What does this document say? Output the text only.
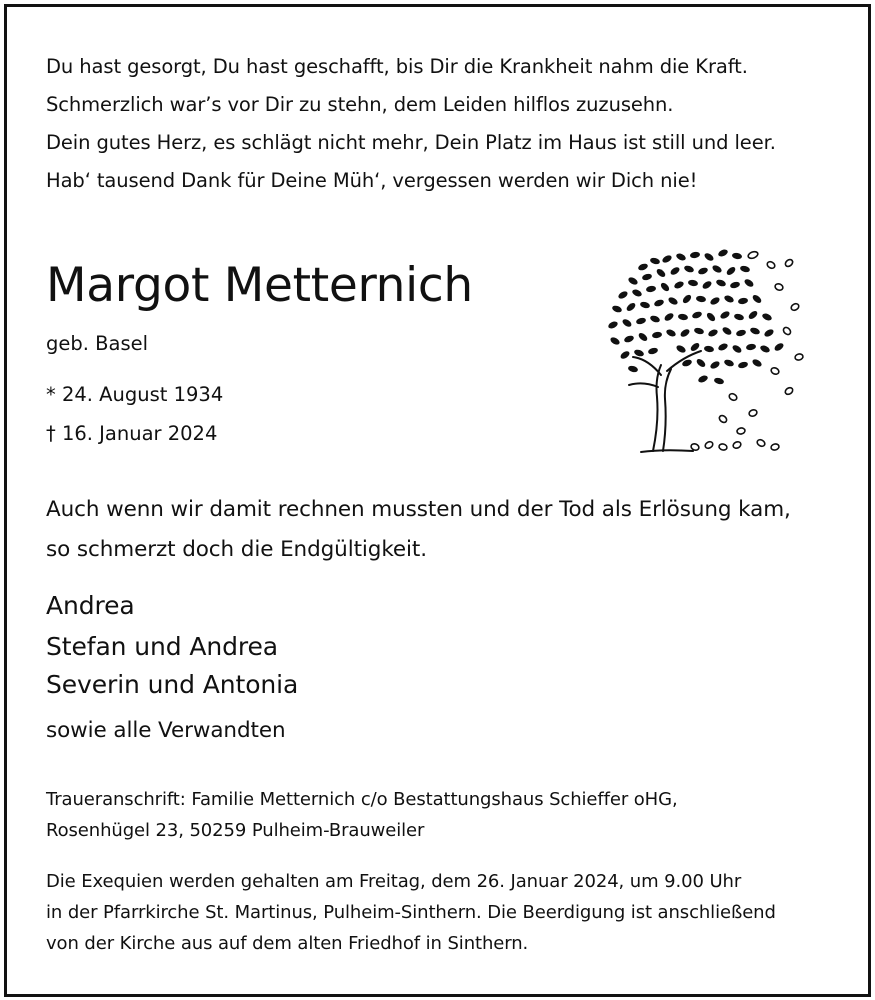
Du hast gesorgt, Du hast geschafft, bis Dir die Krankheit nahm die Kraft.

Schmerzlich war’s vor Dir zu stehn, dem Leiden hilflos zuzusehn.

Dein gutes Herz, es schlägt nicht mehr, Dein Platz im Haus ist still und leer.

Hab‘ tausend Dank für Deine Müh‘, vergessen werden wir Dich nie!

Margot Metternich

geb. Basel

* 24. August 1934

† 16. Januar 2024

Auch wenn wir damit rechnen mussten und der Tod als Erlösung kam,

so schmerzt doch die Endgültigkeit.

Andrea

Stefan und Andrea

Severin und Antonia

sowie alle Verwandten

Traueranschrift: Familie Metternich c/o Bestattungshaus Schieffer oHG,

Rosenhügel 23, 50259 Pulheim-Brauweiler

Die Exequien werden gehalten am Freitag, dem 26. Januar 2024, um 9.00 Uhr

in der Pfarrkirche St. Martinus, Pulheim-Sinthern. Die Beerdigung ist anschließend

von der Kirche aus auf dem alten Friedhof in Sinthern.
